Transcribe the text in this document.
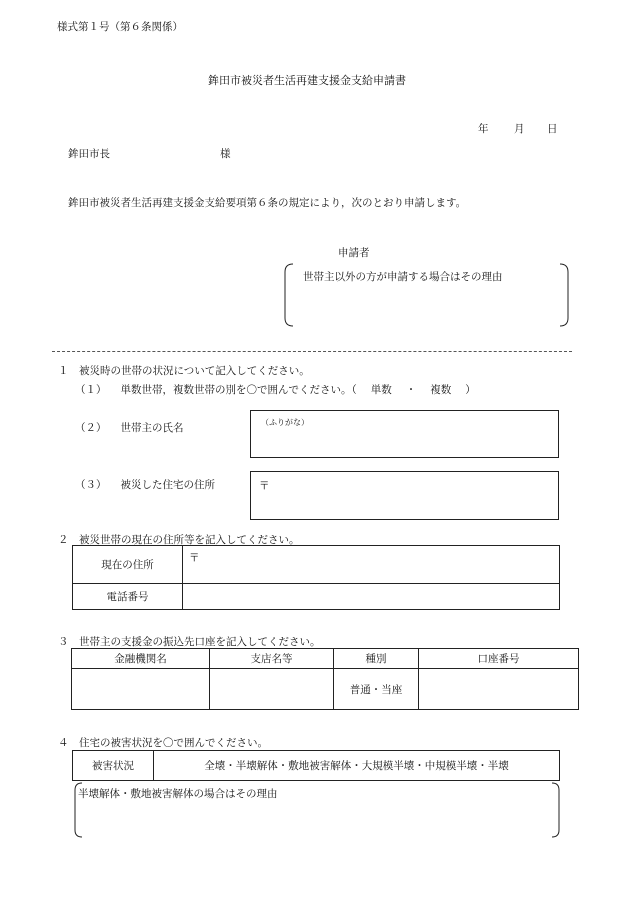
様式第１号（第６条関係）
鉾田市被災者生活再建支援金支給申請書
年 月 日
鉾田市長	様
鉾田市被災者生活再建支援金支給要項第６条の規定により，次のとおり申請します。
申請者
世帯主以外の方が申請する場合はその理由
１　被災時の世帯の状況について記入してください。
（１） 単数世帯，複数世帯の別を〇で囲んでください。（ 単数 ・ 複数 ）
（２） 世帯主の氏名	（ふりがな）
（３） 被災した住宅の住所	〒
２　被災世帯の現在の住所等を記入してください。
現在の住所	〒
電話番号	
３　世帯主の支援金の振込先口座を記入してください。
金融機関名	支店名等	種別	口座番号
		普通・当座	
４　住宅の被害状況を〇で囲んでください。
被害状況	全壊・半壊解体・敷地被害解体・大規模半壊・中規模半壊・半壊
半壊解体・敷地被害解体の場合はその理由
